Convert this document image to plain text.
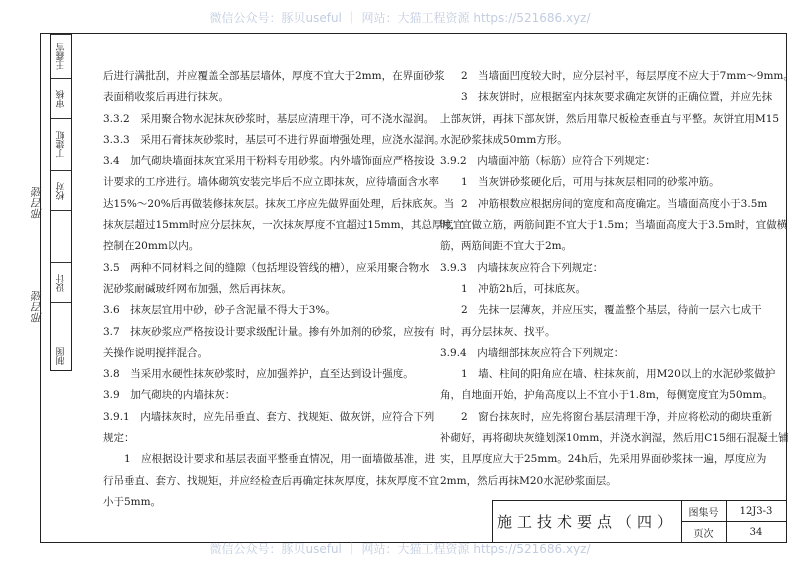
微信公众号：豚贝useful ｜ 网站：大猫工程资源 https://521686.xyz/
王鑫雪
审核
丁建虹
校对
设计
制图
邢召磋
邢召磋

后进行满批刮，并应覆盖全部基层墙体，厚度不宜大于2mm，在界面砂浆

表面稍收浆后再进行抹灰。

3.3.2　采用聚合物水泥抹灰砂浆时，基层应清理干净，可不浇水湿润。

3.3.3　采用石膏抹灰砂浆时，基层可不进行界面增强处理，应浇水湿润。

3.4　加气砌块墙面抹灰宜采用干粉料专用砂浆。内外墙饰面应严格按设

计要求的工序进行。墙体砌筑安装完毕后不应立即抹灰，应待墙面含水率

达15%～20%后再做装修抹灰层。抹灰工序应先做界面处理，后抹底灰。当

抹灰层超过15mm时应分层抹灰，一次抹灰厚度不宜超过15mm，其总厚度宜

控制在20mm以内。

3.5　两种不同材料之间的缝隙（包括埋设管线的槽），应采用聚合物水

泥砂浆耐碱玻纤网布加强，然后再抹灰。

3.6　抹灰层宜用中砂，砂子含泥量不得大于3%。

3.7　抹灰砂浆应严格按设计要求级配计量。掺有外加剂的砂浆，应按有

关操作说明搅拌混合。

3.8　当采用水硬性抹灰砂浆时，应加强养护，直至达到设计强度。

3.9　加气砌块的内墙抹灰：

3.9.1　内墙抹灰时，应先吊垂直、套方、找规矩、做灰饼，应符合下列

规定：

　　1　应根据设计要求和基层表面平整垂直情况，用一面墙做基准，进

行吊垂直、套方、找规矩，并应经检查后再确定抹灰厚度，抹灰厚度不宜

小于5mm。

　　2　当墙面凹度较大时，应分层衬平，每层厚度不应大于7mm～9mm。

　　3　抹灰饼时，应根据室内抹灰要求确定灰饼的正确位置，并应先抹

上部灰饼，再抹下部灰饼，然后用靠尺板检查垂直与平整。灰饼宜用M15

水泥砂浆抹成50mm方形。

3.9.2　内墙面冲筋（标筋）应符合下列规定：

　　1　当灰饼砂浆硬化后，可用与抹灰层相同的砂浆冲筋。

　　2　冲筋根数应根据房间的宽度和高度确定。当墙面高度小于3.5m

时，宜做立筋，两筋间距不宜大于1.5m；当墙面高度大于3.5m时，宜做横

筋，两筋间距不宜大于2m。

3.9.3　内墙抹灰应符合下列规定：

　　1　冲筋2h后，可抹底灰。

　　2　先抹一层薄灰，并应压实，覆盖整个基层，待前一层六七成干

时，再分层抹灰、找平。

3.9.4　内墙细部抹灰应符合下列规定：

　　1　墙、柱间的阳角应在墙、柱抹灰前，用M20以上的水泥砂浆做护

角，自地面开始，护角高度以上不宜小于1.8m，每侧宽度宜为50mm。

　　2　窗台抹灰时，应先将窗台基层清理干净，并应将松动的砌块重新

补砌好，再将砌块灰缝划深10mm，并浇水润湿，然后用C15细石混凝土铺

实，且厚度应大于25mm。24h后，先采用界面砂浆抹一遍，厚度应为

2mm，然后再抹M20水泥砂浆面层。

施工技术要点（四）	图集号	12J3-3
页次	34
微信公众号：豚贝useful ｜ 网站：大猫工程资源 https://521686.xyz/
